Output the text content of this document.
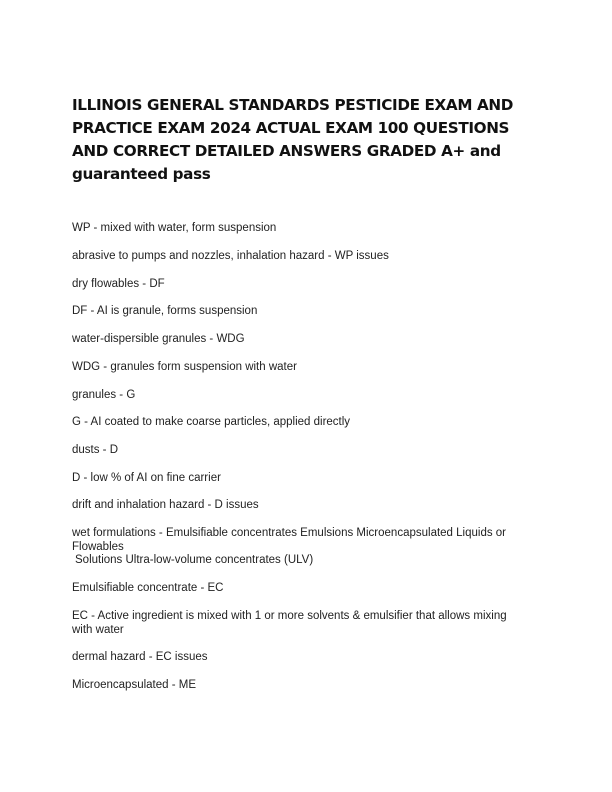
ILLINOIS GENERAL STANDARDS PESTICIDE EXAM AND PRACTICE EXAM 2024 ACTUAL EXAM 100 QUESTIONS AND CORRECT DETAILED ANSWERS GRADED A+ and guaranteed pass
WP - mixed with water, form suspension
abrasive to pumps and nozzles, inhalation hazard - WP issues
dry flowables - DF
DF - AI is granule, forms suspension
water-dispersible granules - WDG
WDG - granules form suspension with water
granules - G
G - AI coated to make coarse particles, applied directly
dusts - D
D - low % of AI on fine carrier
drift and inhalation hazard - D issues
wet formulations - Emulsifiable concentrates Emulsions Microencapsulated Liquids or
Flowables
Solutions Ultra-low-volume concentrates (ULV)
Emulsifiable concentrate - EC
EC - Active ingredient is mixed with 1 or more solvents & emulsifier that allows mixing
with water
dermal hazard - EC issues
Microencapsulated - ME
